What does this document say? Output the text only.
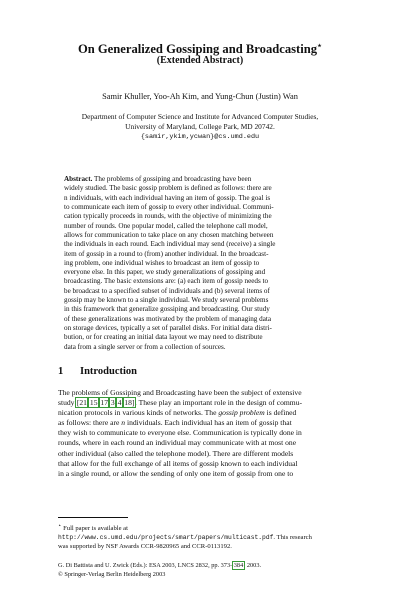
On Generalized Gossiping and Broadcasting⋆
(Extended Abstract)
Samir Khuller, Yoo-Ah Kim, and Yung-Chun (Justin) Wan
Department of Computer Science and Institute for Advanced Computer Studies,
University of Maryland, College Park, MD 20742.
{samir,ykim,ycwan}@cs.umd.edu
Abstract. The problems of gossiping and broadcasting have been
widely studied. The basic gossip problem is defined as follows: there are
n individuals, with each individual having an item of gossip. The goal is
to communicate each item of gossip to every other individual. Communi-
cation typically proceeds in rounds, with the objective of minimizing the
number of rounds. One popular model, called the telephone call model,
allows for communication to take place on any chosen matching between
the individuals in each round. Each individual may send (receive) a single
item of gossip in a round to (from) another individual. In the broadcast-
ing problem, one individual wishes to broadcast an item of gossip to
everyone else. In this paper, we study generalizations of gossiping and
broadcasting. The basic extensions are: (a) each item of gossip needs to
be broadcast to a specified subset of individuals and (b) several items of
gossip may be known to a single individual. We study several problems
in this framework that generalize gossiping and broadcasting. Our study
of these generalizations was motivated by the problem of managing data
on storage devices, typically a set of parallel disks. For initial data distri-
bution, or for creating an initial data layout we may need to distribute
data from a single server or from a collection of sources.
1 Introduction
The problems of Gossiping and Broadcasting have been the subject of extensive
study [21,15,17,3,4,18]. These play an important role in the design of commu-
nication protocols in various kinds of networks. The gossip problem is defined
as follows: there are n individuals. Each individual has an item of gossip that
they wish to communicate to everyone else. Communication is typically done in
rounds, where in each round an individual may communicate with at most one
other individual (also called the telephone model). There are different models
that allow for the full exchange of all items of gossip known to each individual
in a single round, or allow the sending of only one item of gossip from one to
⋆ Full paper is available at
http://www.cs.umd.edu/projects/smart/papers/multicast.pdf. This research
was supported by NSF Awards CCR-9820965 and CCR-0113192.
G. Di Battista and U. Zwick (Eds.): ESA 2003, LNCS 2832, pp. 373–384, 2003.
© Springer-Verlag Berlin Heidelberg 2003
